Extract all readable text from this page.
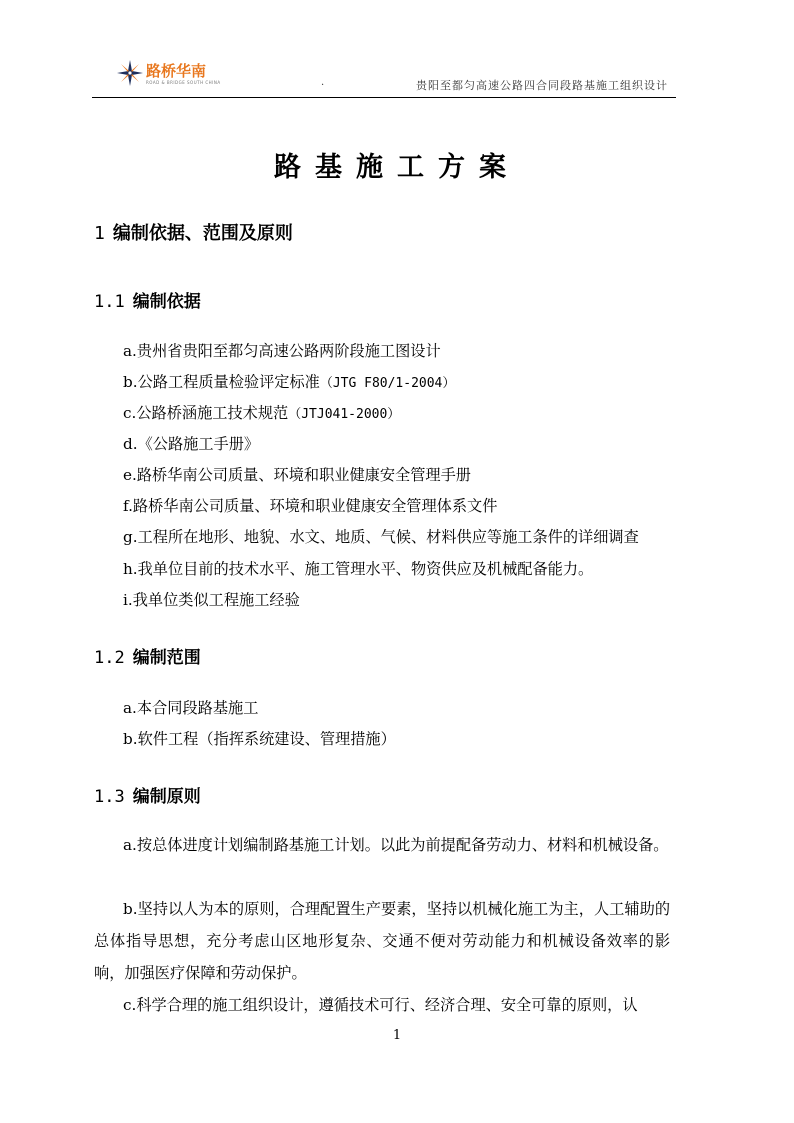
路桥华南
ROAD & BRIDGE SOUTH CHINA	.	贵阳至都匀高速公路四合同段路基施工组织设计
路基施工方案
1 编制依据、范围及原则
1.1 编制依据
a.贵州省贵阳至都匀高速公路两阶段施工图设计
b.公路工程质量检验评定标准（JTG F80/1-2004）
c.公路桥涵施工技术规范（JTJ041-2000）
d.《公路施工手册》
e.路桥华南公司质量、环境和职业健康安全管理手册
f.路桥华南公司质量、环境和职业健康安全管理体系文件
g.工程所在地形、地貌、水文、地质、气候、材料供应等施工条件的详细调查
h.我单位目前的技术水平、施工管理水平、物资供应及机械配备能力。
i.我单位类似工程施工经验
1.2 编制范围
a.本合同段路基施工
b.软件工程（指挥系统建设、管理措施）
1.3 编制原则

a.按总体进度计划编制路基施工计划。以此为前提配备劳动力、材料和机械设备。

b.坚持以人为本的原则，合理配置生产要素，坚持以机械化施工为主，人工辅助的总体指导思想，充分考虑山区地形复杂、交通不便对劳动能力和机械设备效率的影响，加强医疗保障和劳动保护。

c.科学合理的施工组织设计，遵循技术可行、经济合理、安全可靠的原则，认

1
